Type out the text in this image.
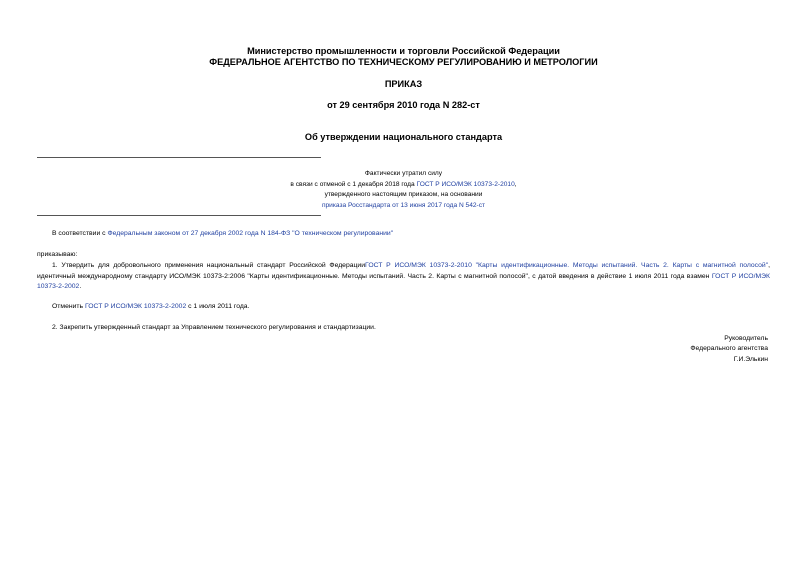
Министерство промышленности и торговли Российской Федерации
ФЕДЕРАЛЬНОЕ АГЕНТСТВО ПО ТЕХНИЧЕСКОМУ РЕГУЛИРОВАНИЮ И МЕТРОЛОГИИ
ПРИКАЗ
от 29 сентября 2010 года N 282-ст
Об утверждении национального стандарта
Фактически утратил силу
в связи с отменой с 1 декабря 2018 года ГОСТ Р ИСО/МЭК 10373-2-2010,
утвержденного настоящим приказом, на основании
приказа Росстандарта от 13 июня 2017 года N 542-ст
В соответствии с Федеральным законом от 27 декабря 2002 года N 184-ФЗ "О техническом регулировании"
приказываю:
1. Утвердить для добровольного применения национальный стандарт Российской ФедерацииГОСТ Р ИСО/МЭК 10373-2-2010 "Карты идентификационные. Методы испытаний. Часть 2. Карты с магнитной полосой", идентичный международному стандарту ИСО/МЭК 10373-2:2006 "Карты идентификационные. Методы испытаний. Часть 2. Карты с магнитной полосой", с датой введения в действие 1 июля 2011 года взамен ГОСТ Р ИСО/МЭК 10373-2-2002.
Отменить ГОСТ Р ИСО/МЭК 10373-2-2002 с 1 июля 2011 года.
2. Закрепить утвержденный стандарт за Управлением технического регулирования и стандартизации.
Руководитель
Федерального агентства
Г.И.Элькин
